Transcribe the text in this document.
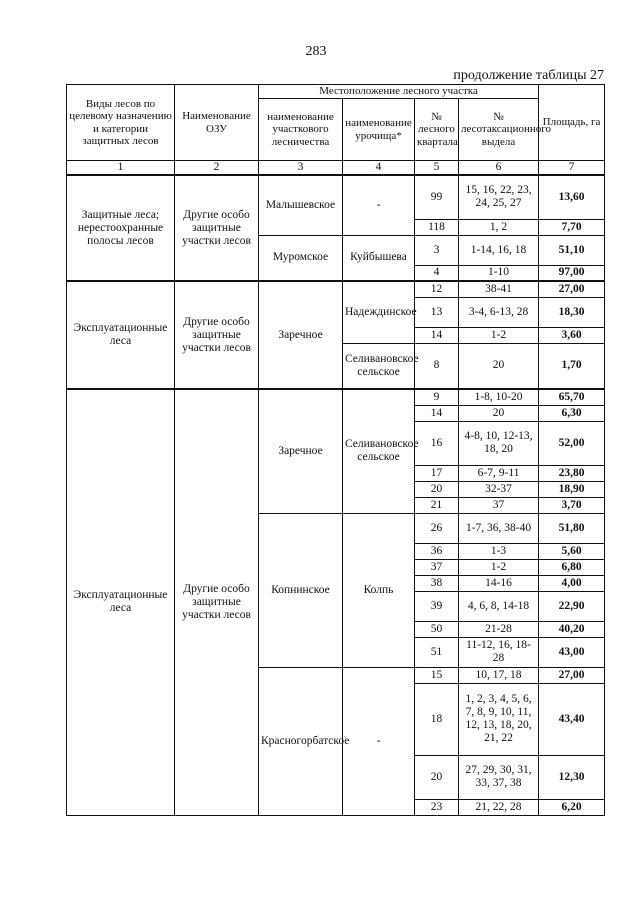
283
продолжение таблицы 27
Виды лесов по целевому назначению и категории защитных лесов	Наименование ОЗУ	Местоположение лесного участка				Площадь, га
		наименование участкового лесничества	наименование урочища*	№ лесного квартала	№ лесотаксационного выдела	
1	2	3	4	5	6	7
Защитные леса; нерестоохранные полосы лесов	Другие особо защитные участки лесов	Малышевское	-	99	15, 16, 22, 23, 24, 25, 27	13,60
				118	1, 2	7,70
		Муромское	Куйбышева	3	1-14, 16, 18	51,10
				4	1-10	97,00
Эксплуатационные леса	Другие особо защитные участки лесов	Заречное	Надеждинское	12	38-41	27,00
				13	3-4, 6-13, 28	18,30
				14	1-2	3,60
			Селивановское сельское	8	20	1,70
Эксплуатационные леса	Другие особо защитные участки лесов	Заречное	Селивановское сельское	9	1-8, 10-20	65,70
				14	20	6,30
				16	4-8, 10, 12-13, 18, 20	52,00
				17	6-7, 9-11	23,80
				20	32-37	18,90
				21	37	3,70
		Копнинское	Колпь	26	1-7, 36, 38-40	51,80
				36	1-3	5,60
				37	1-2	6,80
				38	14-16	4,00
				39	4, 6, 8, 14-18	22,90
				50	21-28	40,20
				51	11-12, 16, 18-28	43,00
		Красногорбатское	-	15	10, 17, 18	27,00
				18	1, 2, 3, 4, 5, 6, 7, 8, 9, 10, 11, 12, 13, 18, 20, 21, 22	43,40
				20	27, 29, 30, 31, 33, 37, 38	12,30
				23	21, 22, 28	6,20
